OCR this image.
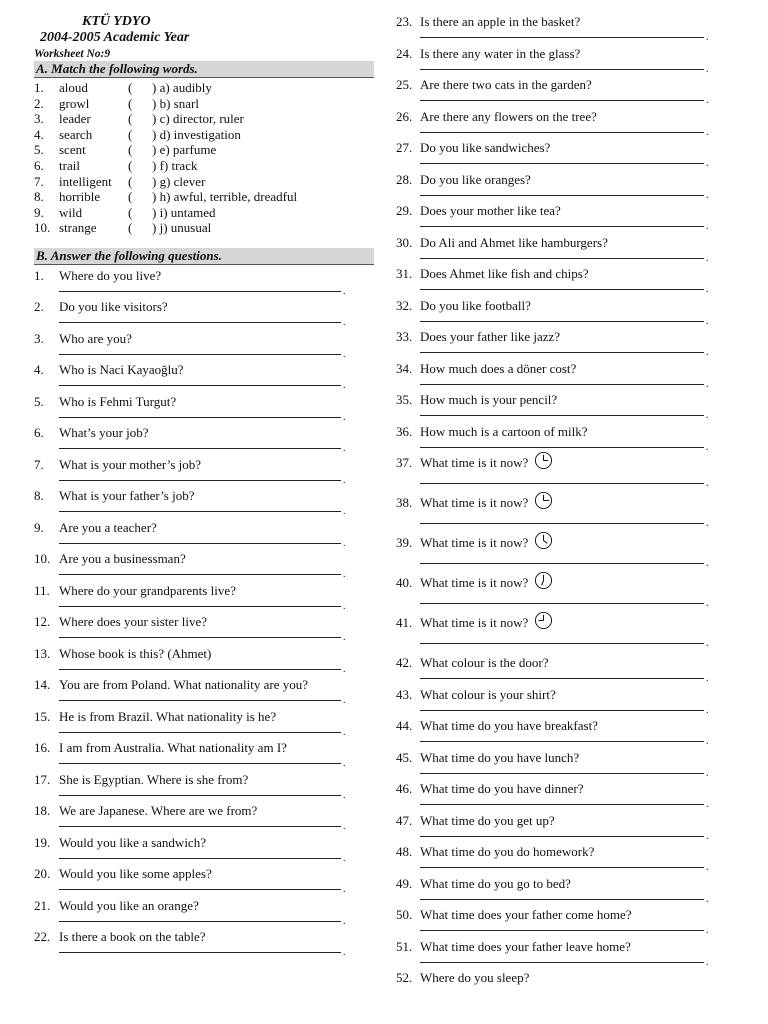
KTÜ YDYO
2004-2005 Academic Year
Worksheet No:9
A. Match the following words.
1. aloud	( ) a) audibly
2. growl	( ) b) snarl
3. leader	( ) c) director, ruler
4. search	( ) d) investigation
5. scent	( ) e) parfume
6. trail	( ) f) track
7. intelligent ( ) g) clever
8. horrible ( ) h) awful, terrible, dreadful
9. wild	( ) i) untamed
10. strange ( ) j) unusual
B. Answer the following questions.
1. Where do you live?
.
2. Do you like visitors?
.
3. Who are you?
.
4. Who is Naci Kayaoğlu?
.
5. Who is Fehmi Turgut?
.
6. What’s your job?
.
7. What is your mother’s job?
.
8. What is your father’s job?
.
9. Are you a teacher?
.
10. Are you a businessman?
.
11. Where do your grandparents live?
.
12. Where does your sister live?
.
13. Whose book is this? (Ahmet)
.
14. You are from Poland. What nationality are you?
.
15. He is from Brazil. What nationality is he?
.
16. I am from Australia. What nationality am I?
.
17. She is Egyptian. Where is she from?
.
18. We are Japanese. Where are we from?
.
19. Would you like a sandwich?
.
20. Would you like some apples?
.
21. Would you like an orange?
.
22. Is there a book on the table?
.
23. Is there an apple in the basket?
.
24. Is there any water in the glass?
.
25. Are there two cats in the garden?
.
26. Are there any flowers on the tree?
.
27. Do you like sandwiches?
.
28. Do you like oranges?
.
29. Does your mother like tea?
.
30. Do Ali and Ahmet like hamburgers?
.
31. Does Ahmet like fish and chips?
.
32. Do you like football?
.
33. Does your father like jazz?
.
34. How much does a döner cost?
.
35. How much is your pencil?
.
36. How much is a cartoon of milk?
.
37. What time is it now?
.
38. What time is it now?
.
39. What time is it now?
.
40. What time is it now?
.
41. What time is it now?
.
42. What colour is the door?
.
43. What colour is your shirt?
.
44. What time do you have breakfast?
.
45. What time do you have lunch?
.
46. What time do you have dinner?
.
47. What time do you get up?
.
48. What time do you do homework?
.
49. What time do you go to bed?
.
50. What time does your father come home?
.
51. What time does your father leave home?
.
52. Where do you sleep?
